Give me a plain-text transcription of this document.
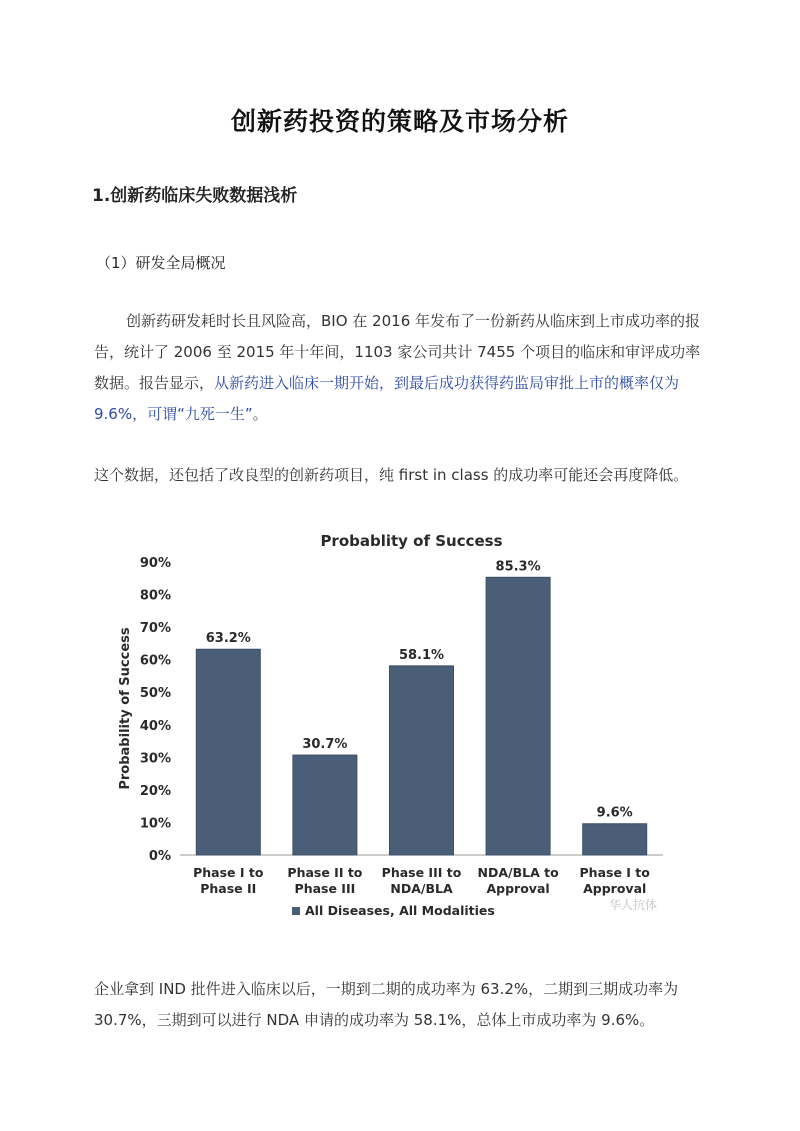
创新药投资的策略及市场分析
1.创新药临床失败数据浅析
（1）研发全局概况
创新药研发耗时长且风险高，BIO 在 2016 年发布了一份新药从临床到上市成功率的报告，统计了 2006 至 2015 年十年间，1103 家公司共计 7455 个项目的临床和审评成功率数据。报告显示，从新药进入临床一期开始，到最后成功获得药监局审批上市的概率仅为 9.6%，可谓“九死一生”。
这个数据，还包括了改良型的创新药项目，纯 first in class 的成功率可能还会再度降低。
Probablity of Success
Probability of Success
0%
10%
20%
30%
40%
50%
60%
70%
80%
90%
63.2%
Phase I to
Phase II
30.7%
Phase II to
Phase III
58.1%
Phase III to
NDA/BLA
85.3%
NDA/BLA to
Approval
9.6%
Phase I to
Approval
All Diseases, All Modalities	华人抗体
企业拿到 IND 批件进入临床以后，一期到二期的成功率为 63.2%，二期到三期成功率为 30.7%，三期到可以进行 NDA 申请的成功率为 58.1%，总体上市成功率为 9.6%。
